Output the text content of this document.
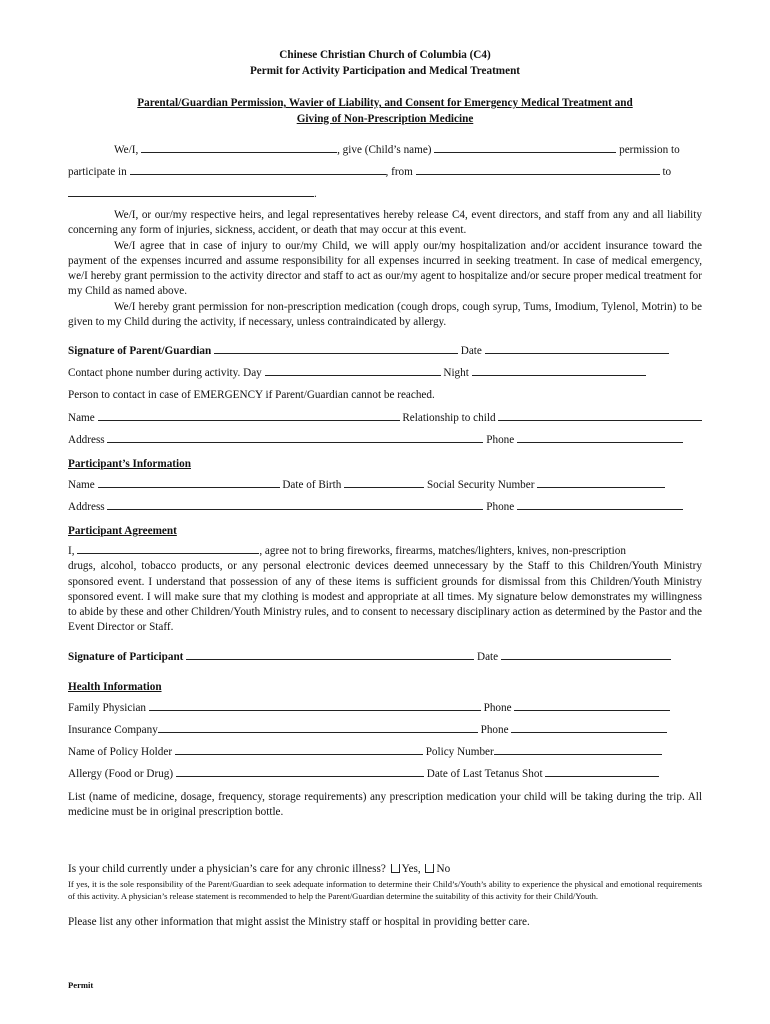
Chinese Christian Church of Columbia (C4)
Permit for Activity Participation and Medical Treatment
Parental/Guardian Permission, Wavier of Liability, and Consent for Emergency Medical Treatment and
Giving of Non-Prescription Medicine
We/I,	, give (Child’s name)	permission to
participate in	, from	to
.

We/I, or our/my respective heirs, and legal representatives hereby release C4, event directors, and staff from any and all liability concerning any form of injuries, sickness, accident, or death that may occur at this event.

We/I agree that in case of injury to our/my Child, we will apply our/my hospitalization and/or accident insurance toward the payment of the expenses incurred and assume responsibility for all expenses incurred in seeking treatment. In case of medical emergency, we/I hereby grant permission to the activity director and staff to act as our/my agent to hospitalize and/or secure proper medical treatment for my Child as named above.

We/I hereby grant permission for non-prescription medication (cough drops, cough syrup, Tums, Imodium, Tylenol, Motrin) to be given to my Child during the activity, if necessary, unless contraindicated by allergy.

Signature of Parent/Guardian	Date
Contact phone number during activity. Day	Night
Person to contact in case of EMERGENCY if Parent/Guardian cannot be reached.
Name	Relationship to child
Address	Phone
Participant’s Information
Name	Date of Birth	Social Security Number
Address	Phone
Participant Agreement
I,	, agree not to bring fireworks, firearms, matches/lighters, knives, non-prescription
drugs, alcohol, tobacco products, or any personal electronic devices deemed unnecessary by the Staff to this Children/Youth Ministry sponsored event. I understand that possession of any of these items is sufficient grounds for dismissal from this Children/Youth Ministry sponsored event. I will make sure that my clothing is modest and appropriate at all times. My signature below demonstrates my willingness to abide by these and other Children/Youth Ministry rules, and to consent to necessary disciplinary action as determined by the Pastor and the Event Director or Staff.
Signature of Participant	Date
Health Information
Family Physician	Phone
Insurance Company	Phone
Name of Policy Holder	Policy Number
Allergy (Food or Drug)	Date of Last Tetanus Shot
List (name of medicine, dosage, frequency, storage requirements) any prescription medication your child will be taking during the trip. All medicine must be in original prescription bottle.
Is your child currently under a physician’s care for any chronic illness? Yes, No
If yes, it is the sole responsibility of the Parent/Guardian to seek adequate information to determine their Child’s/Youth’s ability to experience the physical and emotional requirements of this activity. A physician’s release statement is recommended to help the Parent/Guardian determine the suitability of this activity for their Child/Youth.
Please list any other information that might assist the Ministry staff or hospital in providing better care.
Permit
